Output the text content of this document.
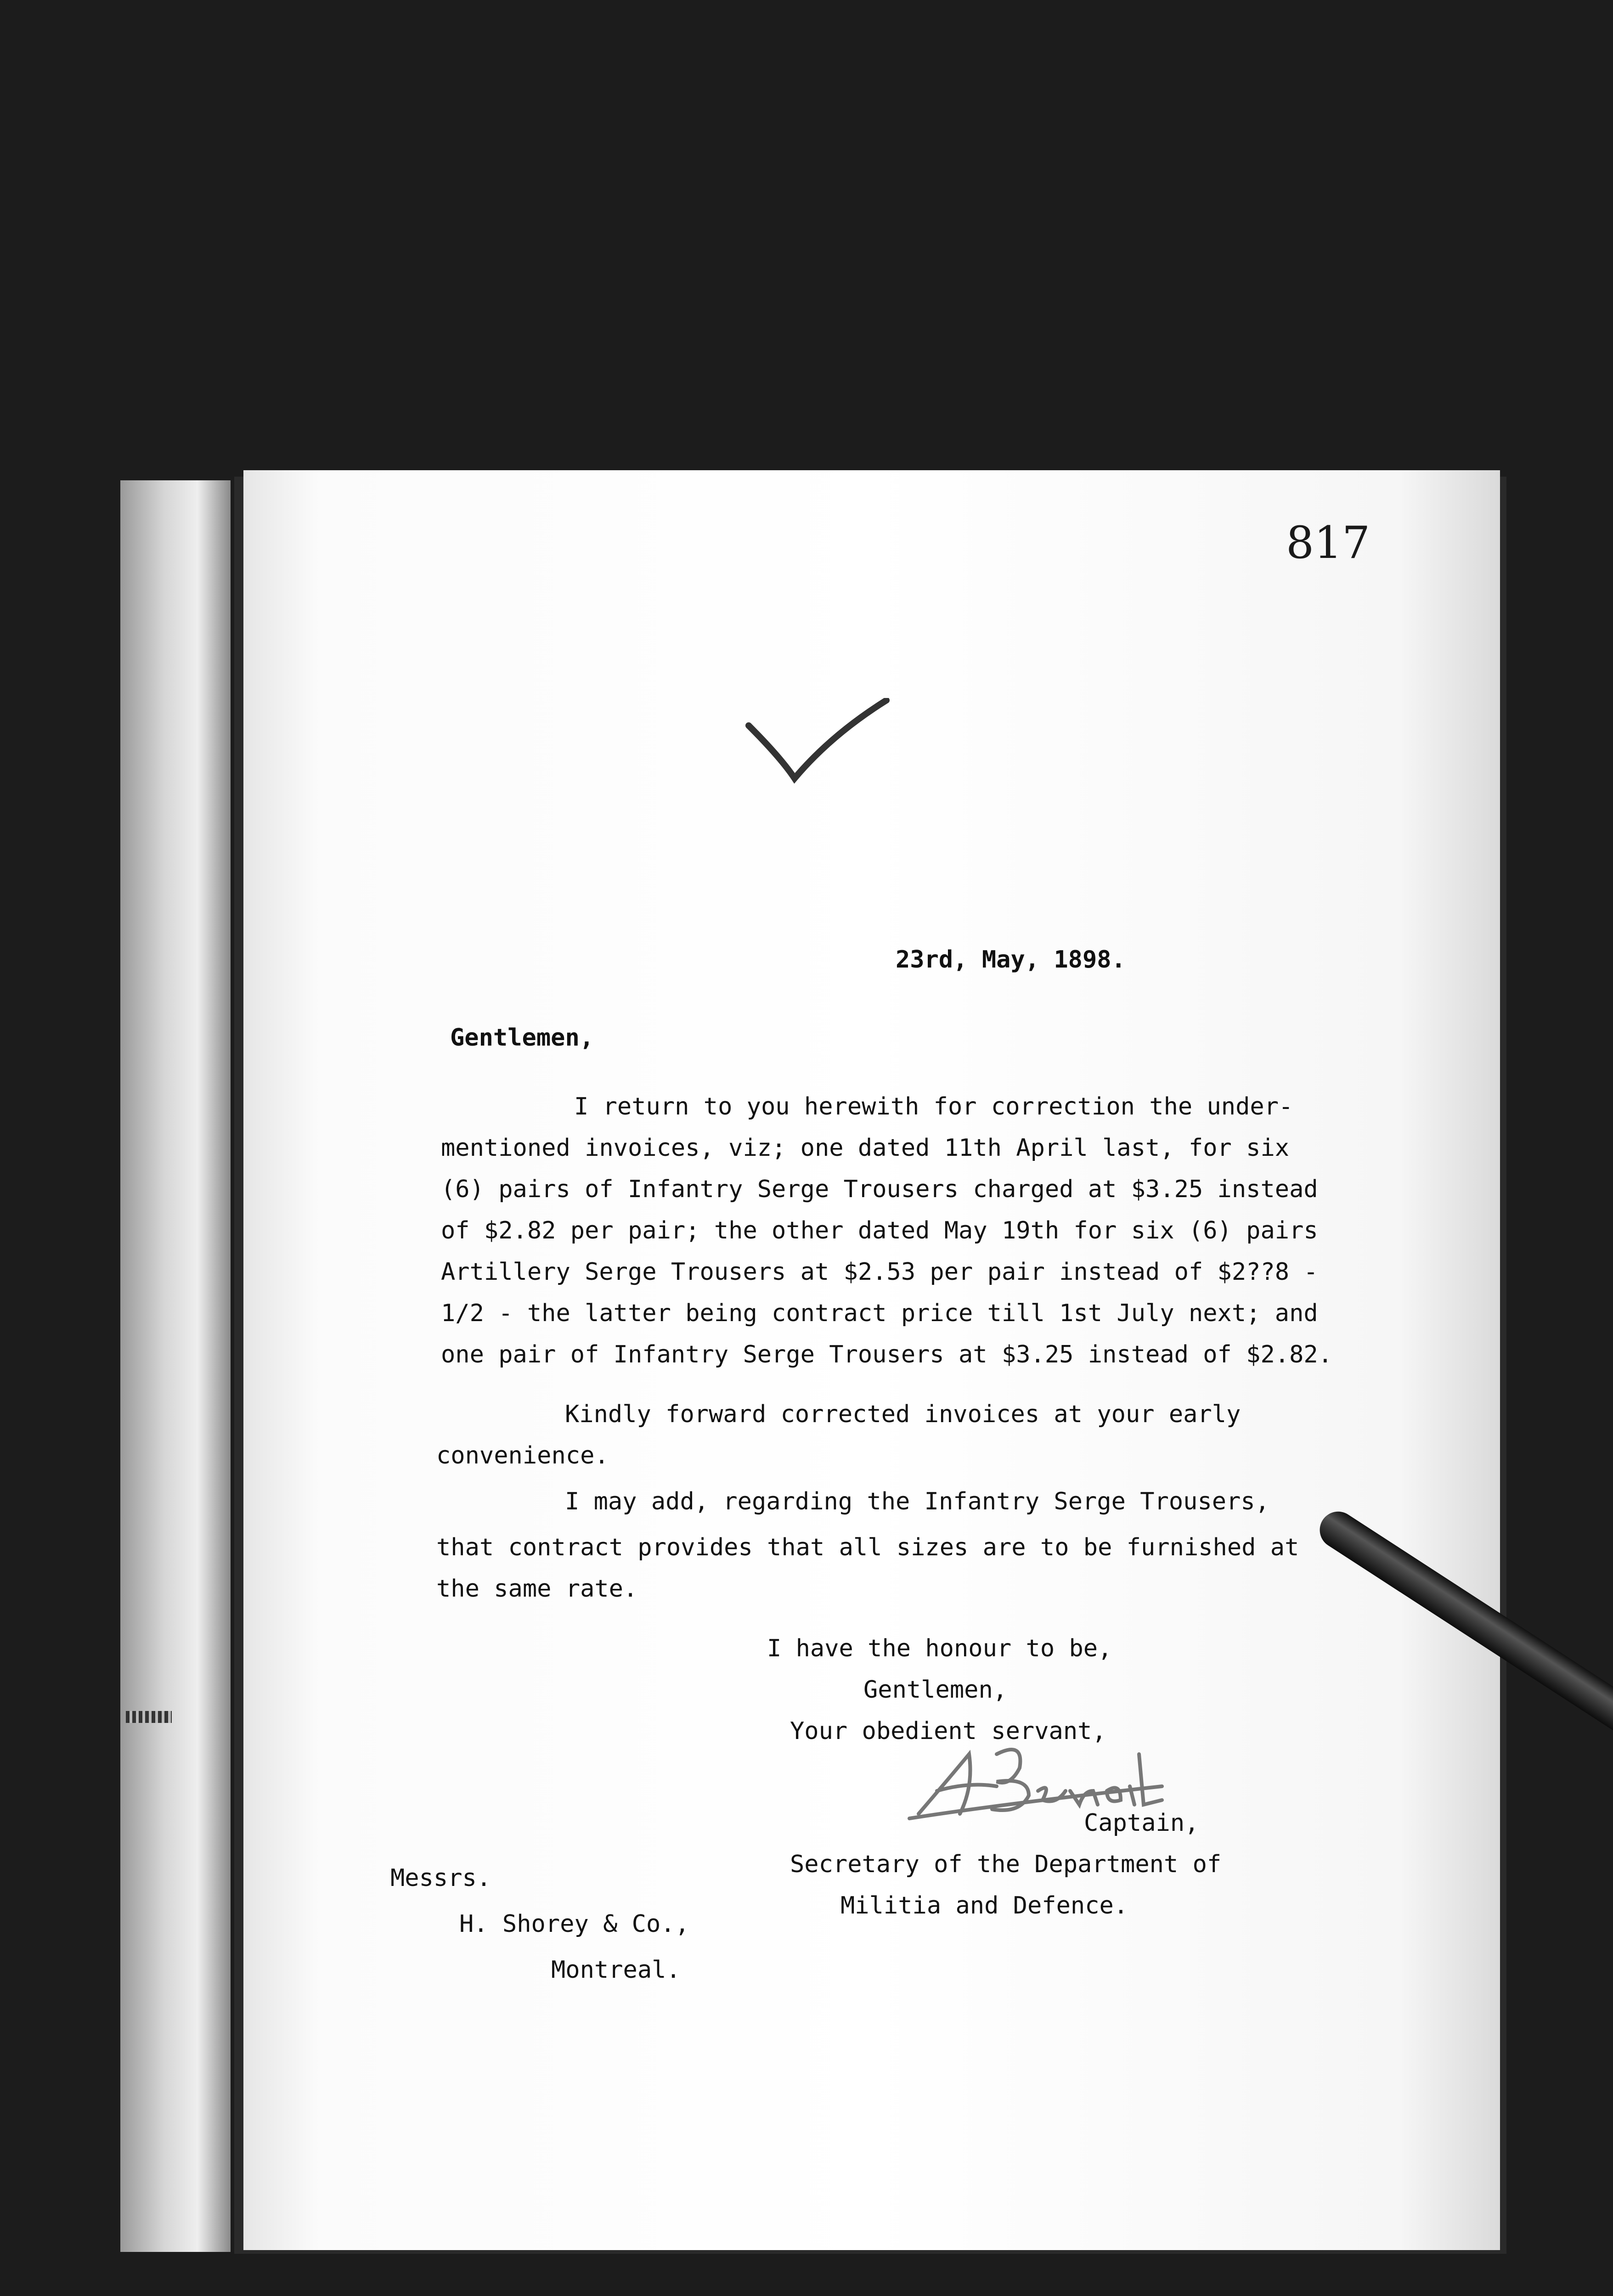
817
23rd, May, 1898.
Gentlemen,
I return to you herewith for correction the under-
mentioned invoices, viz; one dated 11th April last, for six
(6) pairs of Infantry Serge Trousers charged at $3.25 instead
of $2.82 per pair; the other dated May 19th for six (6) pairs
Artillery Serge Trousers at $2.53 per pair instead of $2??8 -
1/2 - the latter being contract price till 1st July next; and
one pair of Infantry Serge Trousers at $3.25 instead of $2.82.
Kindly forward corrected invoices at your early
convenience.
I may add, regarding the Infantry Serge Trousers,
that contract provides that all sizes are to be furnished at
the same rate.
I have the honour to be,
Gentlemen,
Your obedient servant,
Captain,
Secretary of the Department of
Militia and Defence.
Messrs.
H. Shorey & Co.,
Montreal.
